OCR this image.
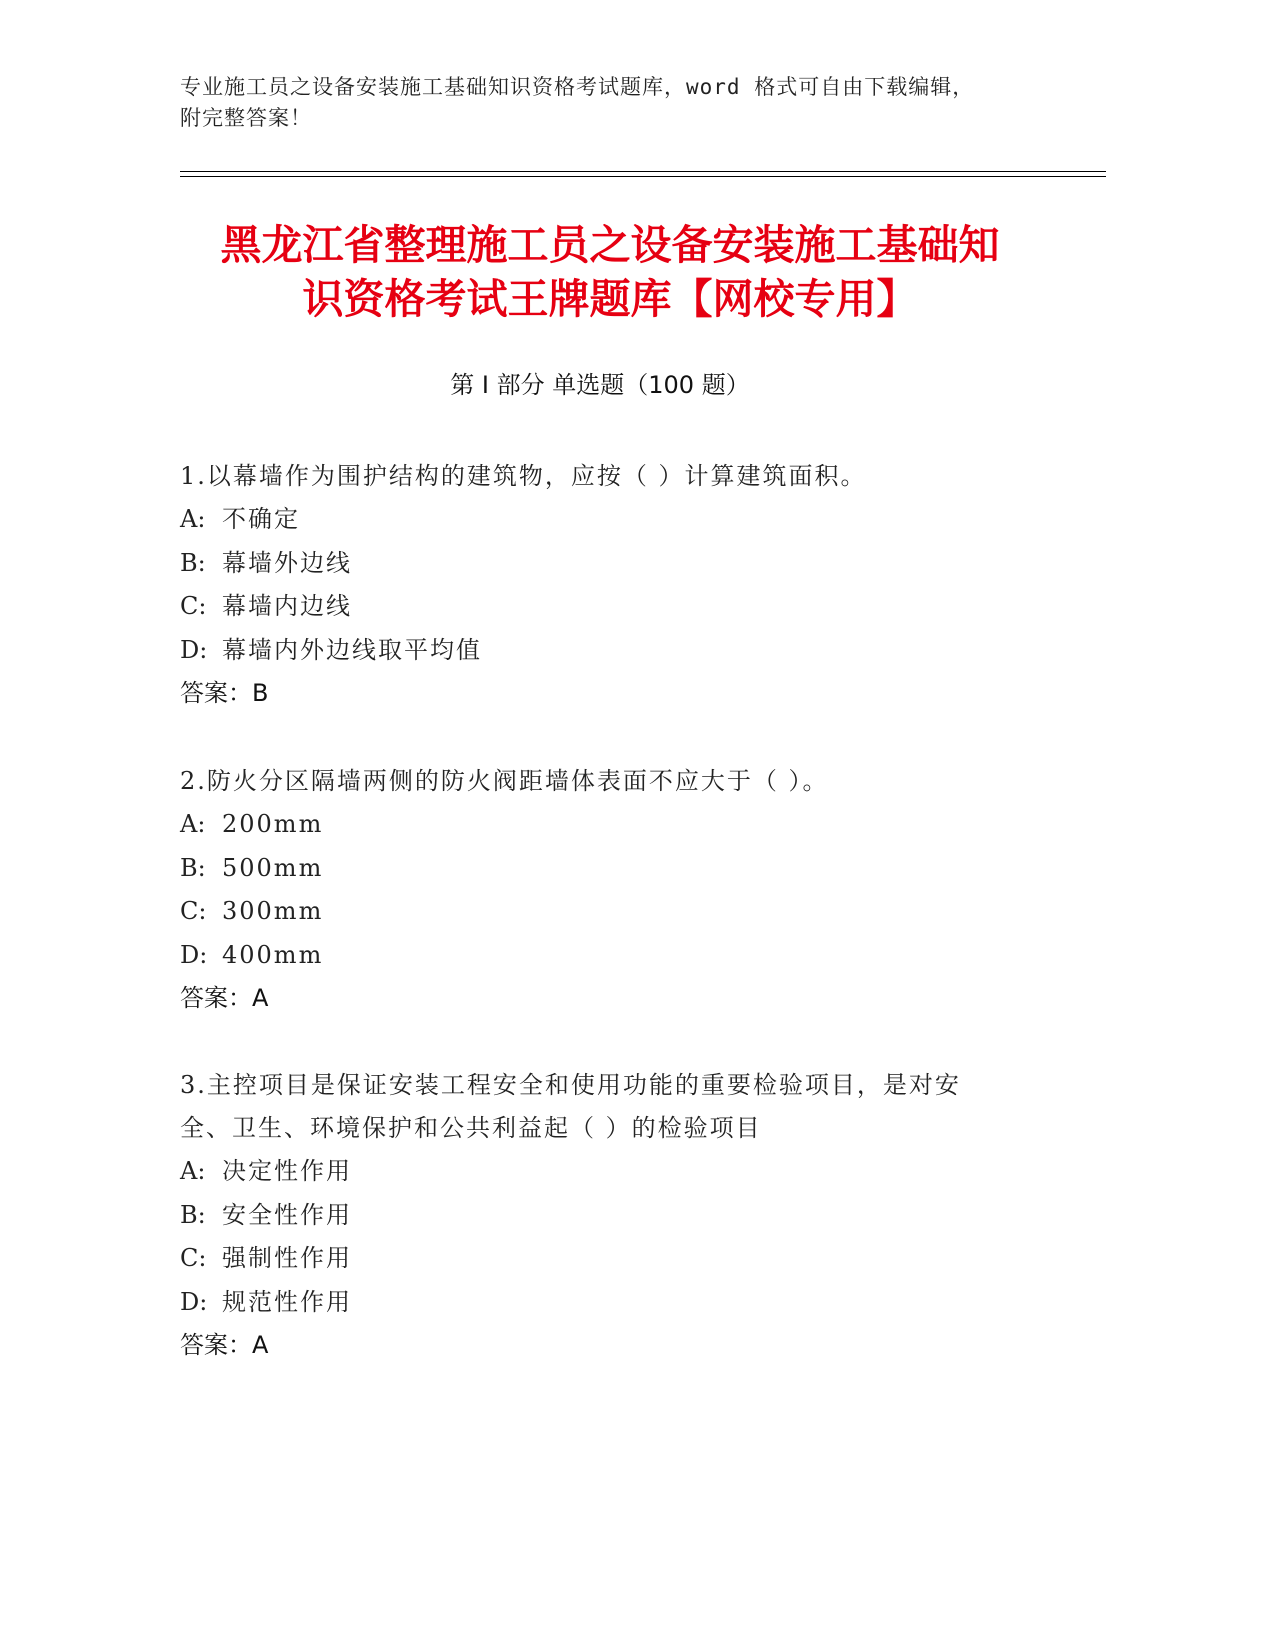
专业施工员之设备安装施工基础知识资格考试题库，word 格式可自由下载编辑，
附完整答案！
黑龙江省整理施工员之设备安装施工基础知
识资格考试王牌题库【网校专用】
第 I 部分 单选题（100 题）
1.以幕墙作为围护结构的建筑物，应按（ ）计算建筑面积。
A: 不确定
B: 幕墙外边线
C: 幕墙内边线
D: 幕墙内外边线取平均值
答案：B
2.防火分区隔墙两侧的防火阀距墙体表面不应大于（ ）。
A: 200mm
B: 500mm
C: 300mm
D: 400mm
答案：A
3.主控项目是保证安装工程安全和使用功能的重要检验项目，是对安
全、卫生、环境保护和公共利益起（ ）的检验项目
A: 决定性作用
B: 安全性作用
C: 强制性作用
D: 规范性作用
答案：A
